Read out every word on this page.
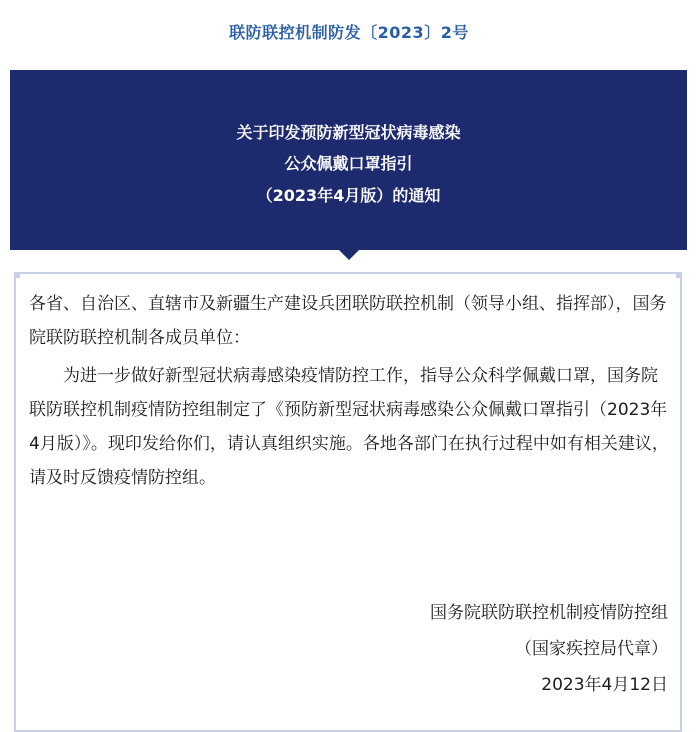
联防联控机制防发〔2023〕2号
关于印发预防新型冠状病毒感染
公众佩戴口罩指引
（2023年4月版）的通知
各省、自治区、直辖市及新疆生产建设兵团联防联控机制（领导小组、指挥部），国务院联防联控机制各成员单位：
为进一步做好新型冠状病毒感染疫情防控工作，指导公众科学佩戴口罩，国务院联防联控机制疫情防控组制定了《预防新型冠状病毒感染公众佩戴口罩指引（2023年4月版）》。现印发给你们，请认真组织实施。各地各部门在执行过程中如有相关建议，请及时反馈疫情防控组。
国务院联防联控机制疫情防控组
（国家疾控局代章）
2023年4月12日
